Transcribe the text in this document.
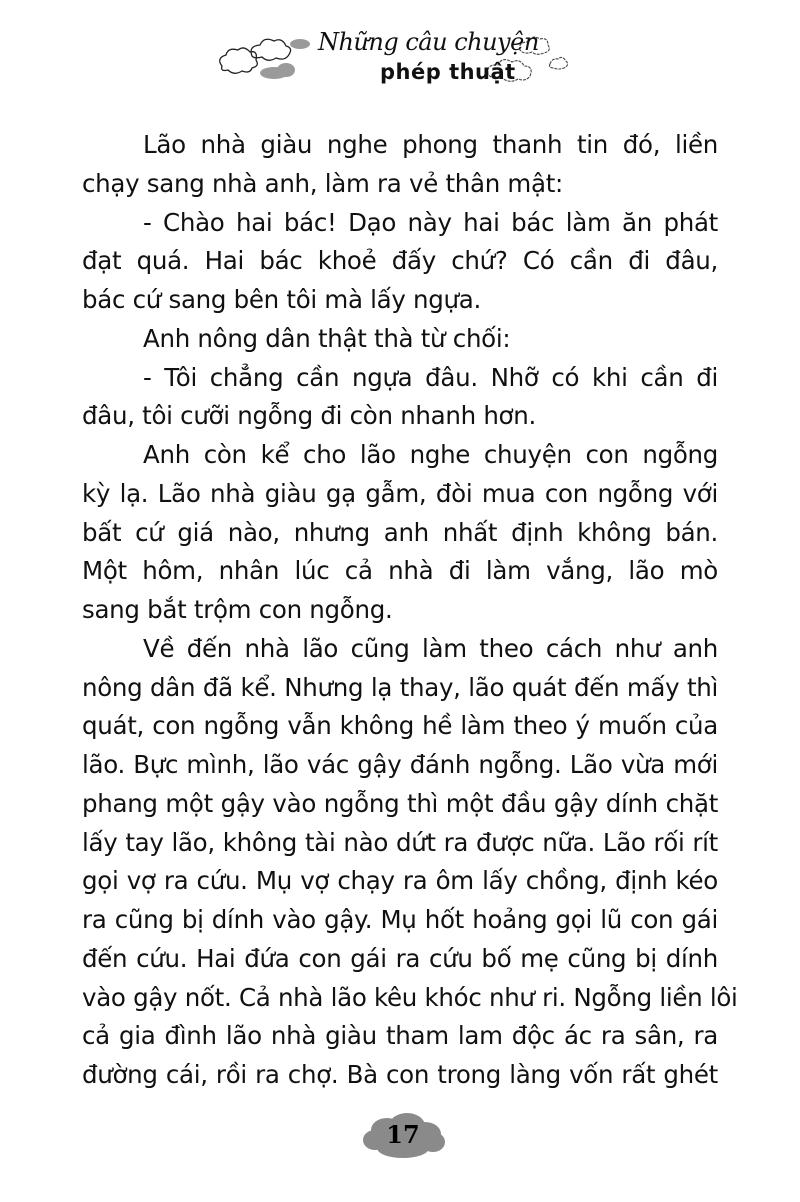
Những câu chuyện
phép thuật
Lão nhà giàu nghe phong thanh tin đó, liền
chạy sang nhà anh, làm ra vẻ thân mật:
- Chào hai bác! Dạo này hai bác làm ăn phát
đạt quá. Hai bác khoẻ đấy chứ? Có cần đi đâu,
bác cứ sang bên tôi mà lấy ngựa.
Anh nông dân thật thà từ chối:
- Tôi chẳng cần ngựa đâu. Nhỡ có khi cần đi
đâu, tôi cưỡi ngỗng đi còn nhanh hơn.
Anh còn kể cho lão nghe chuyện con ngỗng
kỳ lạ. Lão nhà giàu gạ gẫm, đòi mua con ngỗng với
bất cứ giá nào, nhưng anh nhất định không bán.
Một hôm, nhân lúc cả nhà đi làm vắng, lão mò
sang bắt trộm con ngỗng.
Về đến nhà lão cũng làm theo cách như anh
nông dân đã kể. Nhưng lạ thay, lão quát đến mấy thì
quát, con ngỗng vẫn không hề làm theo ý muốn của
lão. Bực mình, lão vác gậy đánh ngỗng. Lão vừa mới
phang một gậy vào ngỗng thì một đầu gậy dính chặt
lấy tay lão, không tài nào dứt ra được nữa. Lão rối rít
gọi vợ ra cứu. Mụ vợ chạy ra ôm lấy chồng, định kéo
ra cũng bị dính vào gậy. Mụ hốt hoảng gọi lũ con gái
đến cứu. Hai đứa con gái ra cứu bố mẹ cũng bị dính
vào gậy nốt. Cả nhà lão kêu khóc như ri. Ngỗng liền lôi
cả gia đình lão nhà giàu tham lam độc ác ra sân, ra
đường cái, rồi ra chợ. Bà con trong làng vốn rất ghét
17
